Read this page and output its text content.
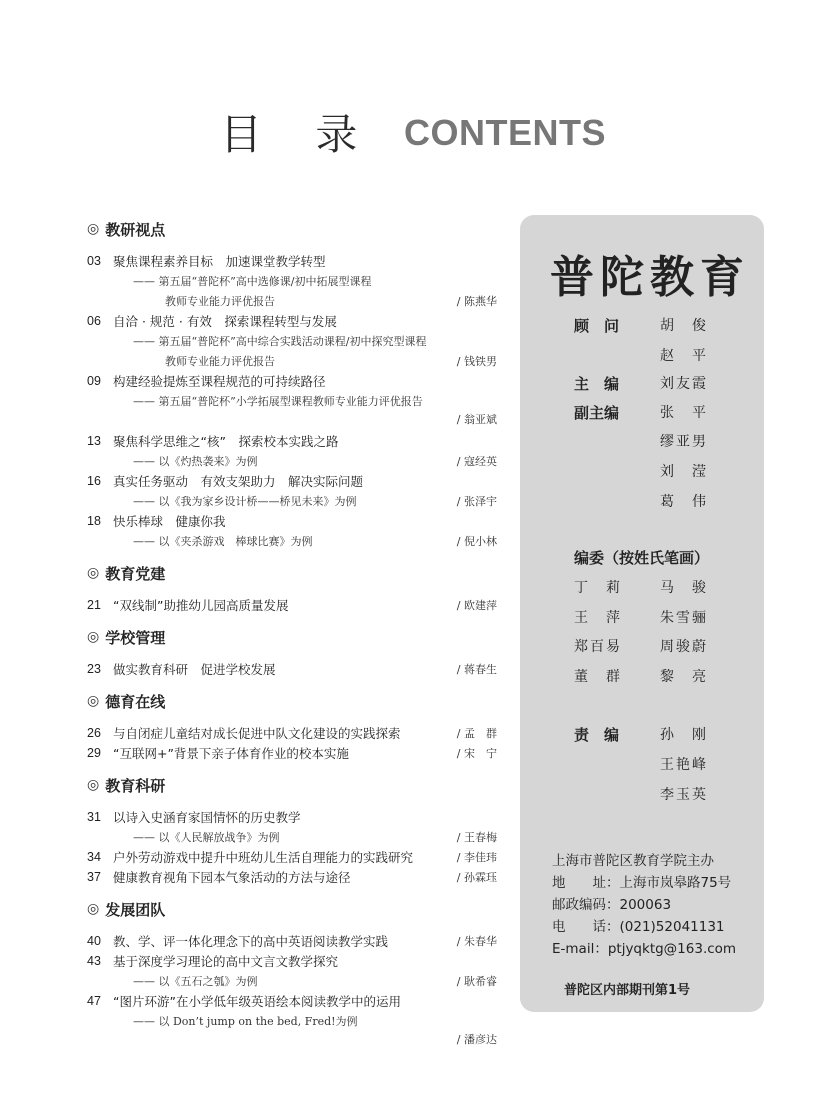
目 录 CONTENTS
◎ 教研视点
03 聚焦课程素养目标　加速课堂教学转型
—— 第五届“普陀杯”高中选修课/初中拓展型课程
教师专业能力评优报告	/ 陈燕华
06 自洽 · 规范 · 有效　探索课程转型与发展
—— 第五届“普陀杯”高中综合实践活动课程/初中探究型课程
教师专业能力评优报告	/ 钱铁男
09 构建经验提炼至课程规范的可持续路径
—— 第五届“普陀杯”小学拓展型课程教师专业能力评优报告
/ 翁亚斌
13 聚焦科学思维之“核”　探索校本实践之路
—— 以《灼热袭来》为例	/ 寇经英
16 真实任务驱动　有效支架助力　解决实际问题
—— 以《我为家乡设计桥——桥见未来》为例	/ 张泽宇
18 快乐棒球　健康你我
—— 以《夹杀游戏　棒球比赛》为例	/ 倪小林
◎ 教育党建
21 “双线制”助推幼儿园高质量发展	/ 欧建萍
◎ 学校管理
23 做实教育科研　促进学校发展	/ 蒋春生
◎ 德育在线
26 与自闭症儿童结对成长促进中队文化建设的实践探索	/ 孟　群
29 “互联网+”背景下亲子体育作业的校本实施	/ 宋　宁
◎ 教育科研
31 以诗入史涵育家国情怀的历史教学
—— 以《人民解放战争》为例	/ 王春梅
34 户外劳动游戏中提升中班幼儿生活自理能力的实践研究	/ 李佳玮
37 健康教育视角下园本气象活动的方法与途径	/ 孙霖珏
◎ 发展团队
40 教、学、评一体化理念下的高中英语阅读教学实践	/ 朱春华
43 基于深度学习理论的高中文言文教学探究
—— 以《五石之瓠》为例	/ 耿希睿
47 “图片环游”在小学低年级英语绘本阅读教学中的运用
—— 以 Don’t jump on the bed, Fred!为例
/ 潘彦达
普陀教育
顾　问	胡　俊
赵　平
主　编	刘友霞
副主编	张　平
缪亚男
刘　滢
葛　伟
编委（按姓氏笔画）
丁　莉	马　骏
王　萍	朱雪骊
郑百易	周骏蔚
董　群	黎　亮
责　编	孙　刚
王艳峰
李玉英
上海市普陀区教育学院主办
地　　址：上海市岚皋路75号
邮政编码：200063
电　　话：(021)52041131
E-mail：ptjyqktg@163.com
普陀区内部期刊第1号
